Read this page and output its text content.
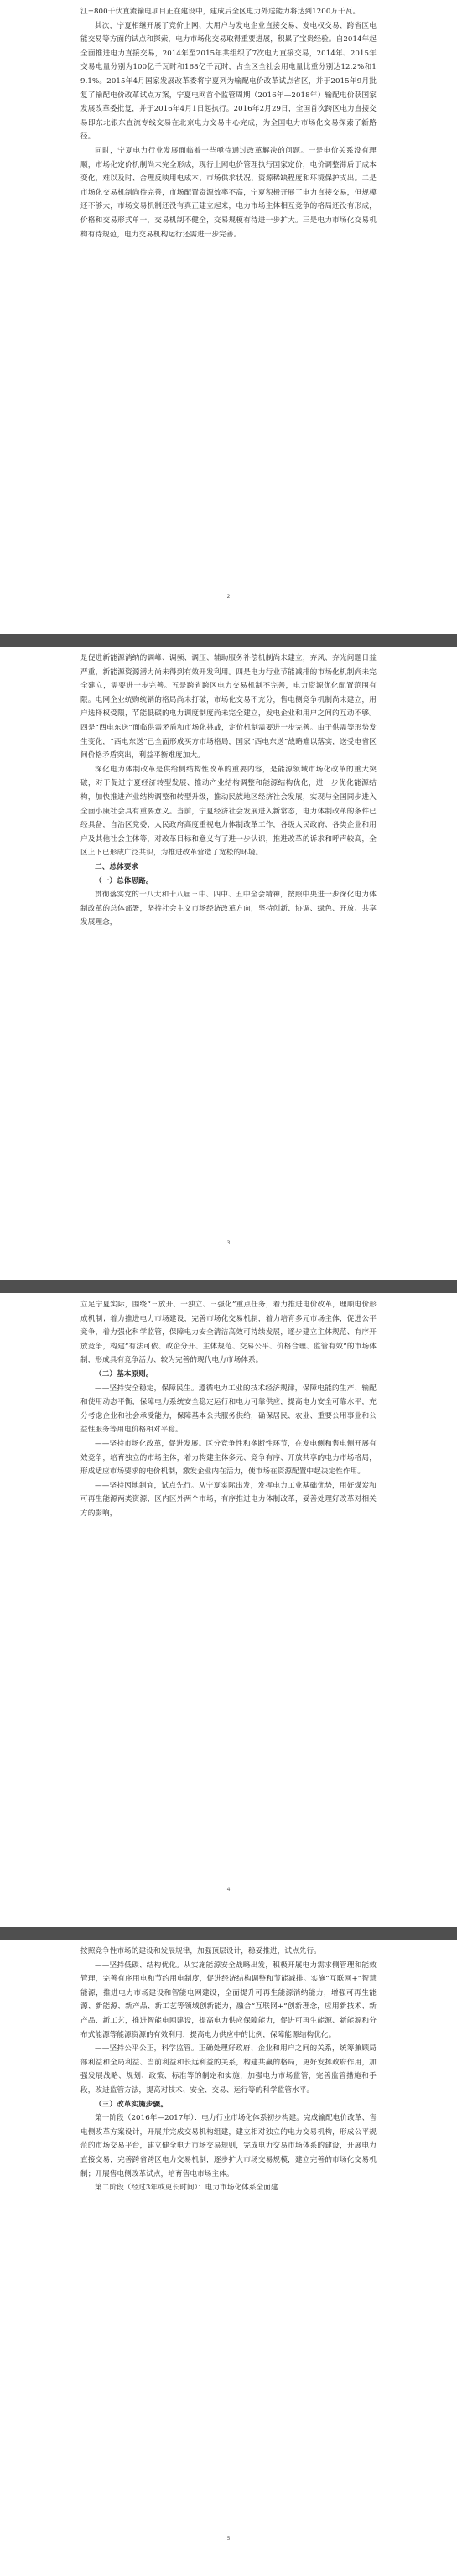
江±800千伏直流输电项目正在建设中，建成后全区电力外送能力将达到1200万千瓦。

其次，宁夏相继开展了竞价上网、大用户与发电企业直接交易、发电权交易、跨省区电能交易等方面的试点和探索，电力市场化交易取得重要进展，积累了宝贵经验。自2014年起全面推进电力直接交易，2014年至2015年共组织了7次电力直接交易，2014年、2015年交易电量分别为100亿千瓦时和168亿千瓦时，占全区全社会用电量比重分别达12.2%和19.1%。2015年4月国家发展改革委将宁夏列为输配电价改革试点省区，并于2015年9月批复了输配电价改革试点方案，宁夏电网首个监管周期（2016年—2018年）输配电价获国家发展改革委批复，并于2016年4月1日起执行。2016年2月29日，全国首次跨区电力直接交易即东北银东直流专线交易在北京电力交易中心完成，为全国电力市场化交易探索了新路径。

同时，宁夏电力行业发展面临着一些亟待通过改革解决的问题。一是电价关系没有理顺，市场化定价机制尚未完全形成，现行上网电价管理执行国家定价，电价调整滞后于成本变化，难以及时、合理反映用电成本、市场供求状况、资源稀缺程度和环境保护支出。二是市场化交易机制尚待完善，市场配置资源效率不高，宁夏积极开展了电力直接交易，但规模还不够大，市场交易机制还没有真正建立起来，电力市场主体相互竞争的格局还没有形成，价格和交易形式单一，交易机制不健全，交易规模有待进一步扩大。三是电力市场化交易机构有待规范，电力交易机构运行还需进一步完善。

2

是促进新能源消纳的调峰、调频、调压、辅助服务补偿机制尚未建立，弃风、弃光问题日益严重，新能源资源潜力尚未得到有效开发利用。四是电力行业节能减排的市场化机制尚未完全建立，需要进一步完善。五是跨省跨区电力交易机制不完善，电力资源优化配置范围有限。电网企业统购统销的格局尚未打破，市场化交易不充分，售电侧竞争机制尚未建立，用户选择权受限，节能低碳的电力调度制度尚未完全建立，发电企业和用户之间的互动不够。四是“西电东送”面临供需矛盾和市场化挑战，定价机制需要进一步完善。由于供需等形势发生变化，“西电东送”已全面形成买方市场格局，国家“西电东送”战略难以落实，送受电省区间价格矛盾突出，利益平衡难度加大。

深化电力体制改革是供给侧结构性改革的重要内容，是能源领域市场化改革的重大突破，对于促进宁夏经济转型发展、推动产业结构调整和能源结构优化，进一步优化能源结构，加快推进产业结构调整和转型升级，推动民族地区经济社会发展，实现与全国同步进入全面小康社会具有重要意义。当前，宁夏经济社会发展进入新常态，电力体制改革的条件已经具备，自治区党委、人民政府高度重视电力体制改革工作，各级人民政府、各类企业和用户及其他社会主体等，对改革目标和意义有了进一步认识，推进改革的诉求和呼声较高，全区上下已形成广泛共识，为推进改革营造了宽松的环境。

二、总体要求

（一）总体思路。

贯彻落实党的十八大和十八届三中、四中、五中全会精神，按照中央进一步深化电力体制改革的总体部署，坚持社会主义市场经济改革方向，坚持创新、协调、绿色、开放、共享发展理念，

3

立足宁夏实际，围绕“三放开、一独立、三强化”重点任务，着力推进电价改革，理顺电价形成机制；着力推进电力市场建设，完善市场化交易机制，着力培育多元市场主体，促进公平竞争，着力强化科学监管，保障电力安全清洁高效可持续发展，逐步建立主体规范、有序开放竞争，构建“有法可依、政企分开、主体规范、交易公平、价格合理、监管有效”的市场体制，形成具有竞争活力、较为完善的现代电力市场体系。

（二）基本原则。

——坚持安全稳定，保障民生。遵循电力工业的技术经济规律，保障电能的生产、输配和使用动态平衡，保障电力系统安全稳定运行和电力可靠供应，提高电力安全可靠水平，充分考虑企业和社会承受能力，保障基本公共服务供给，确保居民、农业、重要公用事业和公益性服务等用电价格相对平稳。

——坚持市场化改革，促进发展。区分竞争性和垄断性环节，在发电侧和售电侧开展有效竞争，培育独立的市场主体，着力构建主体多元、竞争有序、开放共享的电力市场格局，形成适应市场要求的电价机制，激发企业内在活力，使市场在资源配置中起决定性作用。

——坚持因地制宜，试点先行。从宁夏实际出发，发挥电力工业基础优势，用好煤炭和可再生能源两类资源、区内区外两个市场，有序推进电力体制改革，妥善处理好改革对相关方的影响，

4

按照竞争性市场的建设和发展规律，加强顶层设计，稳妥推进，试点先行。

——坚持低碳、结构优化。从实施能源安全战略出发，积极开展电力需求侧管理和能效管理，完善有序用电和节约用电制度，促进经济结构调整和节能减排。实施“互联网+”智慧能源，推进电力市场建设和智能电网建设，全面提升可再生能源消纳能力，增强可再生能源、新能源、新产品、新工艺等领域创新能力，融合“互联网+”创新理念，应用新技术、新产品、新工艺，推进智能电网建设，提高电力供应保障能力，促进可再生能源、新能源和分布式能源等能源资源的有效利用，提高电力供应中的比例，保障能源结构优化。

——坚持公平公正，科学监管。正确处理好政府、企业和用户之间的关系，统筹兼顾局部利益和全局利益、当前利益和长远利益的关系，构建共赢的格局，更好发挥政府作用，加强发展战略、规划、政策、标准等的制定和实施，加强电力市场监管，完善监管措施和手段，改进监管方法，提高对技术、安全、交易、运行等的科学监管水平。

（三）改革实施步骤。

第一阶段（2016年—2017年）：电力行业市场化体系初步构建。完成输配电价改革、售电侧改革方案设计，开展并完成交易机构组建，建立相对独立的电力交易机构，形成公平规范的市场交易平台，建立健全电力市场交易规则，完成电力交易市场体系的建设，开展电力直接交易，完善跨省跨区电力交易机制，逐步扩大市场交易规模，建立完善的市场化交易机制；开展售电侧改革试点，培育售电市场主体。

第二阶段（经过3年或更长时间）：电力市场化体系全面建

5
